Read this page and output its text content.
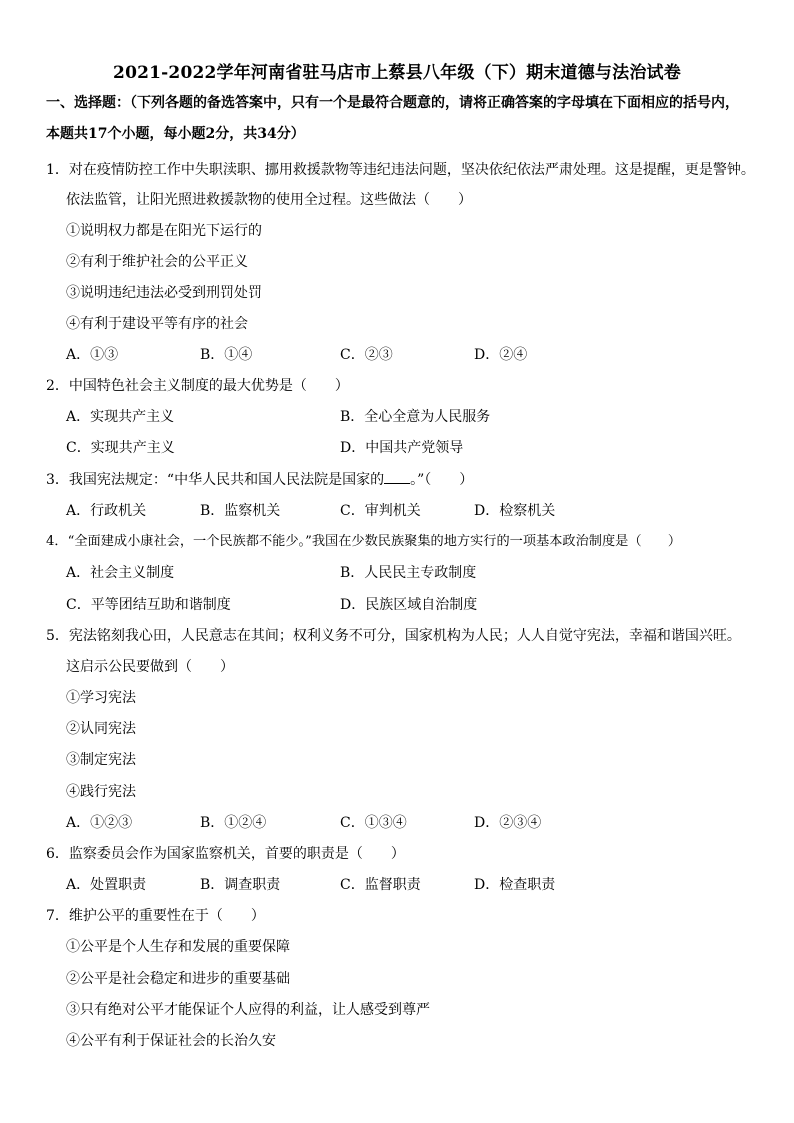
2021-2022学年河南省驻马店市上蔡县八年级（下）期末道德与法治试卷
一、选择题：（下列各题的备选答案中，只有一个是最符合题意的，请将正确答案的字母填在下面相应的括号内，
本题共17个小题，每小题2分，共34分）
1．对在疫情防控工作中失职渎职、挪用救援款物等违纪违法问题，坚决依纪依法严肃处理。这是提醒，更是警钟。
依法监管，让阳光照进救援款物的使用全过程。这些做法（　　）
①说明权力都是在阳光下运行的
②有利于维护社会的公平正义
③说明违纪违法必受到刑罚处罚
④有利于建设平等有序的社会
A．①③	B．①④	C．②③	D．②④
2．中国特色社会主义制度的最大优势是（　　）
A．实现共产主义	B．全心全意为人民服务
C．实现共产主义	D．中国共产党领导
3．我国宪法规定：“中华人民共和国人民法院是国家的 。”（　　）
A．行政机关	B．监察机关	C．审判机关	D．检察机关
4．“全面建成小康社会，一个民族都不能少。”我国在少数民族聚集的地方实行的一项基本政治制度是（　　）
A．社会主义制度	B．人民民主专政制度
C．平等团结互助和谐制度	D．民族区域自治制度
5．宪法铭刻我心田，人民意志在其间；权利义务不可分，国家机构为人民；人人自觉守宪法，幸福和谐国兴旺。
这启示公民要做到（　　）
①学习宪法
②认同宪法
③制定宪法
④践行宪法
A．①②③	B．①②④	C．①③④	D．②③④
6．监察委员会作为国家监察机关，首要的职责是（　　）
A．处置职责	B．调查职责	C．监督职责	D．检查职责
7．维护公平的重要性在于（　　）
①公平是个人生存和发展的重要保障
②公平是社会稳定和进步的重要基础
③只有绝对公平才能保证个人应得的利益，让人感受到尊严
④公平有利于保证社会的长治久安
